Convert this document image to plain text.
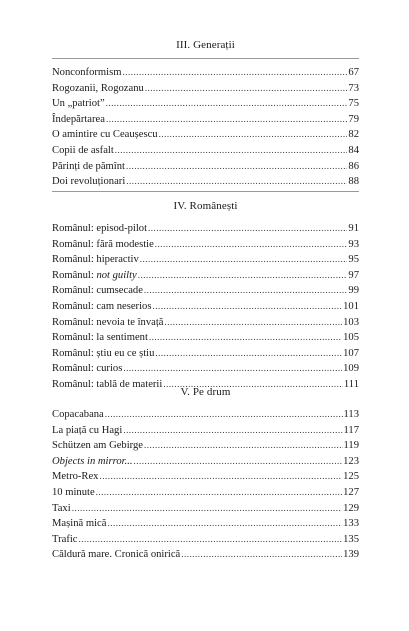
III. Generații
Nonconformism .....	67
Rogozanii, Rogozanu .....	73
Un „patriot” .....	75
Îndepărtarea .....	79
O amintire cu Ceaușescu .....	82
Copii de asfalt .....	84
Părinți de pămînt .....	86
Doi revoluționari .....	88
IV. Românești
Românul: episod-pilot .....	91
Românul: fără modestie .....	93
Românul: hiperactiv .....	95
Românul: not guilty .....	97
Românul: cumsecade .....	99
Românul: cam neserios .....	101
Românul: nevoia te învață .....	103
Românul: la sentiment .....	105
Românul: știu eu ce știu .....	107
Românul: curios .....	109
Românul: tablă de materii .....	111
V. Pe drum
Copacabana .....	113
La piață cu Hagi .....	117
Schützen am Gebirge .....	119
Objects in mirror... .....	123
Metro-Rex .....	125
10 minute .....	127
Taxi .....	129
Mașină mică .....	133
Trafic .....	135
Căldură mare. Cronică onirică .....	139
